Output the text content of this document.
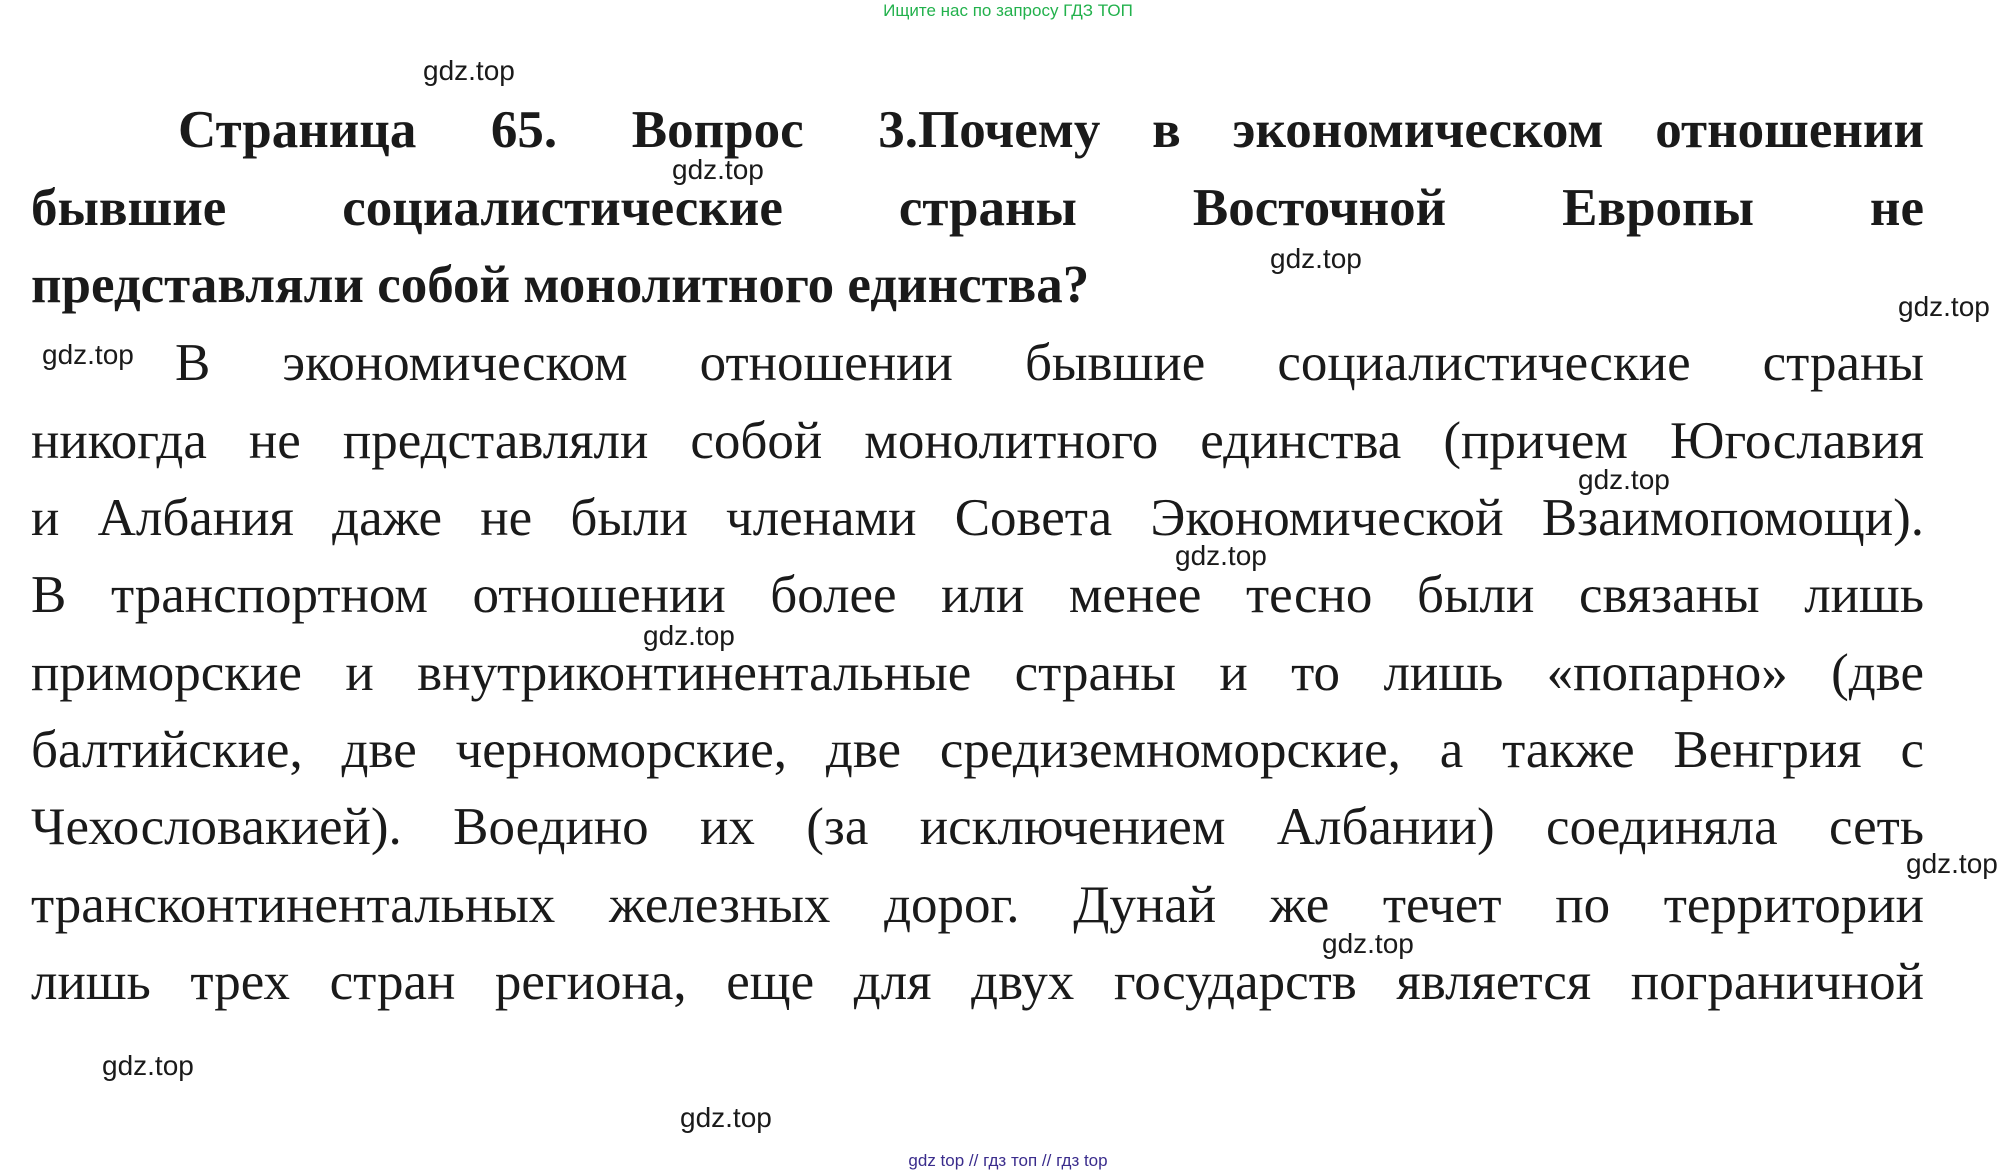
Ищите нас по запросу ГДЗ ТОП
Страница 65. Вопрос 3.Почему в экономическом отношении
бывшие социалистические страны Восточной Европы не
представляли собой монолитного единства?
В экономическом отношении бывшие социалистические страны
никогда не представляли собой монолитного единства (причем Югославия
и Албания даже не были членами Совета Экономической Взаимопомощи).
В транспортном отношении более или менее тесно были связаны лишь
приморские и внутриконтинентальные страны и то лишь «попарно» (две
балтийские, две черноморские, две средиземноморские, а также Венгрия с
Чехословакией). Воедино их (за исключением Албании) соединяла сеть
трансконтинентальных железных дорог. Дунай же течет по территории
лишь трех стран региона, еще для двух государств является пограничной
gdz.top
gdz.top
gdz.top
gdz.top
gdz.top
gdz.top
gdz.top
gdz.top
gdz.top
gdz.top
gdz.top
gdz.top
gdz top // гдз топ // гдз top
